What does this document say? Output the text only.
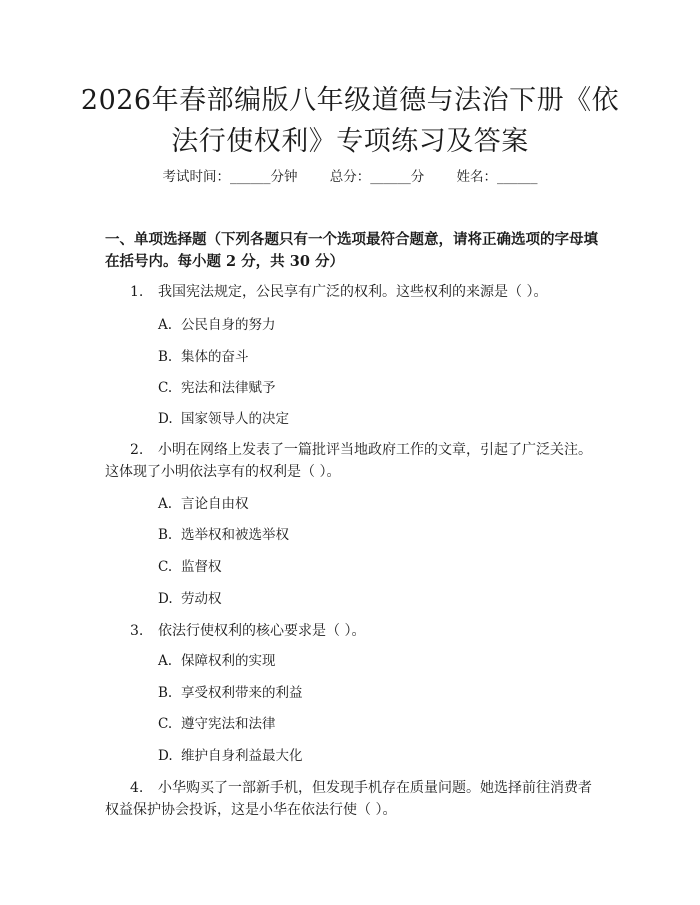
2026年春部编版八年级道德与法治下册《依
法行使权利》专项练习及答案
考试时间：______分钟 总分：______分 姓名：______
一、单项选择题（下列各题只有一个选项最符合题意，请将正确选项的字母填在括号内。每小题 2 分，共 30 分）
1. 我国宪法规定，公民享有广泛的权利。这些权利的来源是（ ）。
A. 公民自身的努力
B. 集体的奋斗
C. 宪法和法律赋予
D. 国家领导人的决定
2. 小明在网络上发表了一篇批评当地政府工作的文章，引起了广泛关注。这体现了小明依法享有的权利是（ ）。
A. 言论自由权
B. 选举权和被选举权
C. 监督权
D. 劳动权
3. 依法行使权利的核心要求是（ ）。
A. 保障权利的实现
B. 享受权利带来的利益
C. 遵守宪法和法律
D. 维护自身利益最大化
4. 小华购买了一部新手机，但发现手机存在质量问题。她选择前往消费者权益保护协会投诉，这是小华在依法行使（ ）。
